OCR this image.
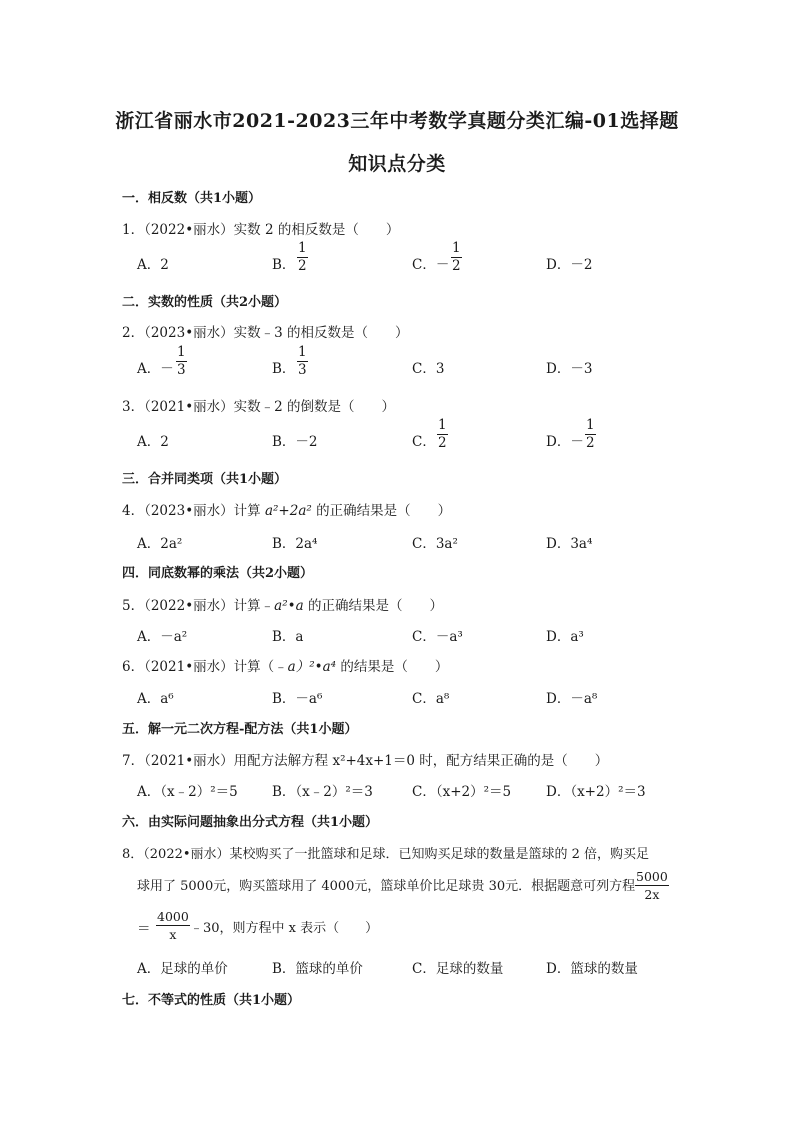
浙江省丽水市2021-2023三年中考数学真题分类汇编-01选择题
知识点分类
一．相反数（共1小题）
1．（2022•丽水）实数 2 的相反数是（　　）
A．2	B． $\frac{1}{2}$	C．－ $\frac{1}{2}$	D．－2
二．实数的性质（共2小题）
2．（2023•丽水）实数﹣3 的相反数是（　　）
A．－ $\frac{1}{3}$	B． $\frac{1}{3}$	C．3	D．－3
3．（2021•丽水）实数﹣2 的倒数是（　　）
A．2	B．－2	C． $\frac{1}{2}$	D．－ $\frac{1}{2}$
三．合并同类项（共1小题）
4．（2023•丽水）计算 a²+2a² 的正确结果是（　　）
A．2a²	B．2a⁴	C．3a²	D．3a⁴
四．同底数幂的乘法（共2小题）
5．（2022•丽水）计算﹣a²•a 的正确结果是（　　）
A．－a²	B．a	C．－a³	D．a³
6．（2021•丽水）计算（﹣a）²•a⁴ 的结果是（　　）
A．a⁶	B．－a⁶	C．a⁸	D．－a⁸
五．解一元二次方程-配方法（共1小题）
7．（2021•丽水）用配方法解方程 x²+4x+1＝0 时，配方结果正确的是（　　）
A．（x﹣2）²＝5	B．（x﹣2）²＝3	C．（x+2）²＝5	D．（x+2）²＝3
六．由实际问题抽象出分式方程（共1小题）
8．（2022•丽水）某校购买了一批篮球和足球．已知购买足球的数量是篮球的 2 倍，购买足
球用了 5000元，购买篮球用了 4000元，篮球单价比足球贵 30元．根据题意可列方程 $\frac{5000}{2x}$
＝ $\frac{4000}{x}$ ﹣30，则方程中 x 表示（　　）
A．足球的单价	B．篮球的单价	C．足球的数量	D．篮球的数量
七．不等式的性质（共1小题）
